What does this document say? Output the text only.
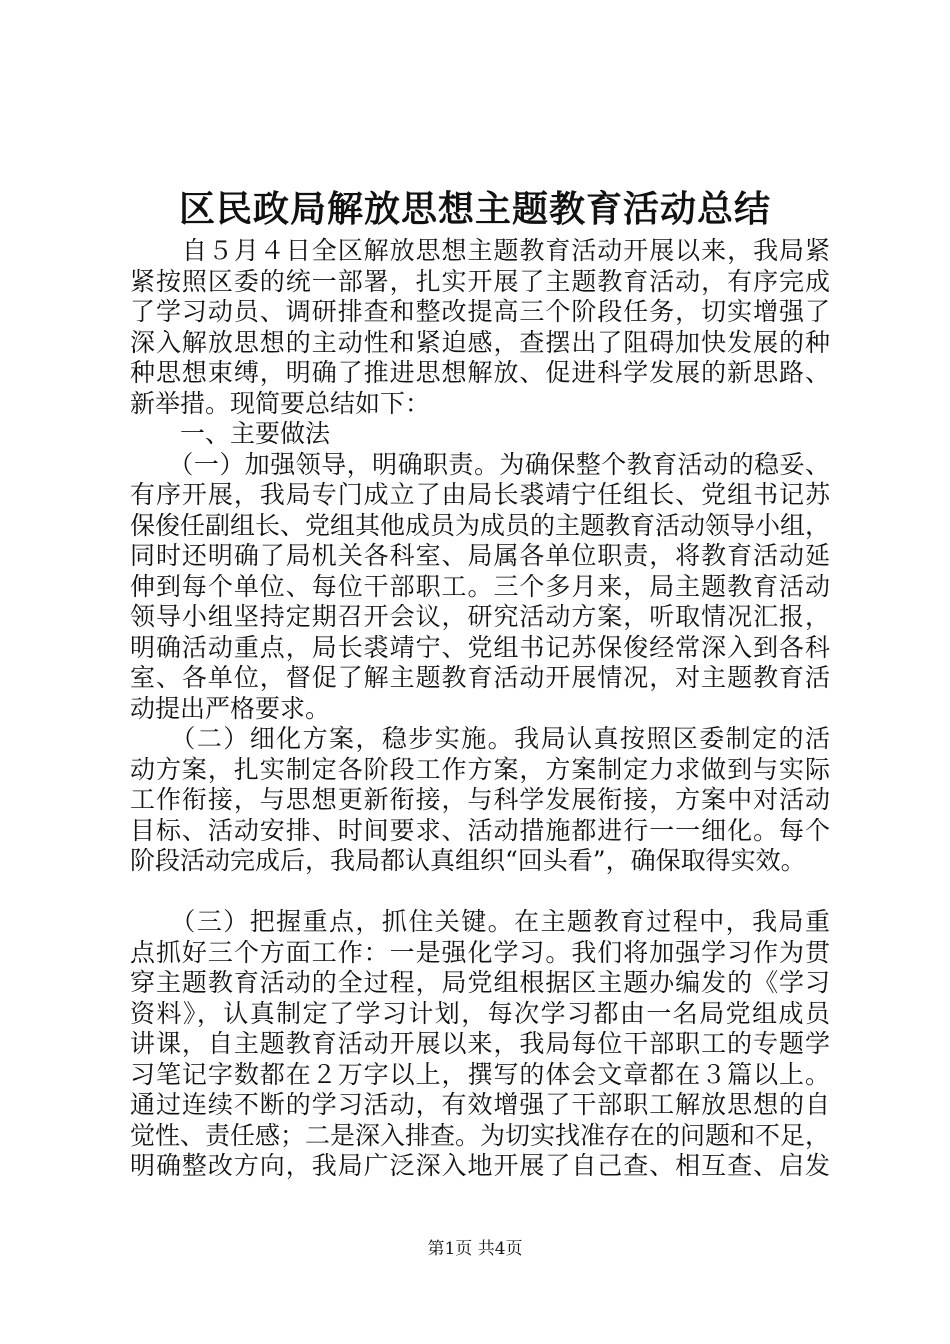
区民政局解放思想主题教育活动总结
　　自５月４日全区解放思想主题教育活动开展以来，我局紧
紧按照区委的统一部署，扎实开展了主题教育活动，有序完成
了学习动员、调研排查和整改提高三个阶段任务，切实增强了
深入解放思想的主动性和紧迫感，查摆出了阻碍加快发展的种
种思想束缚，明确了推进思想解放、促进科学发展的新思路、
新举措。现简要总结如下：
　　一、主要做法
　　（一）加强领导，明确职责。为确保整个教育活动的稳妥、
有序开展，我局专门成立了由局长裘靖宁任组长、党组书记苏
保俊任副组长、党组其他成员为成员的主题教育活动领导小组，
同时还明确了局机关各科室、局属各单位职责，将教育活动延
伸到每个单位、每位干部职工。三个多月来，局主题教育活动
领导小组坚持定期召开会议，研究活动方案，听取情况汇报，
明确活动重点，局长裘靖宁、党组书记苏保俊经常深入到各科
室、各单位，督促了解主题教育活动开展情况，对主题教育活
动提出严格要求。
　　（二）细化方案，稳步实施。我局认真按照区委制定的活
动方案，扎实制定各阶段工作方案，方案制定力求做到与实际
工作衔接，与思想更新衔接，与科学发展衔接，方案中对活动
目标、活动安排、时间要求、活动措施都进行一一细化。每个
阶段活动完成后，我局都认真组织“回头看”，确保取得实效。
　　（三）把握重点，抓住关键。在主题教育过程中，我局重
点抓好三个方面工作：一是强化学习。我们将加强学习作为贯
穿主题教育活动的全过程，局党组根据区主题办编发的《学习
资料》，认真制定了学习计划，每次学习都由一名局党组成员
讲课，自主题教育活动开展以来，我局每位干部职工的专题学
习笔记字数都在２万字以上，撰写的体会文章都在３篇以上。
通过连续不断的学习活动，有效增强了干部职工解放思想的自
觉性、责任感；二是深入排查。为切实找准存在的问题和不足，
明确整改方向，我局广泛深入地开展了自己查、相互查、启发
第1页 共4页
